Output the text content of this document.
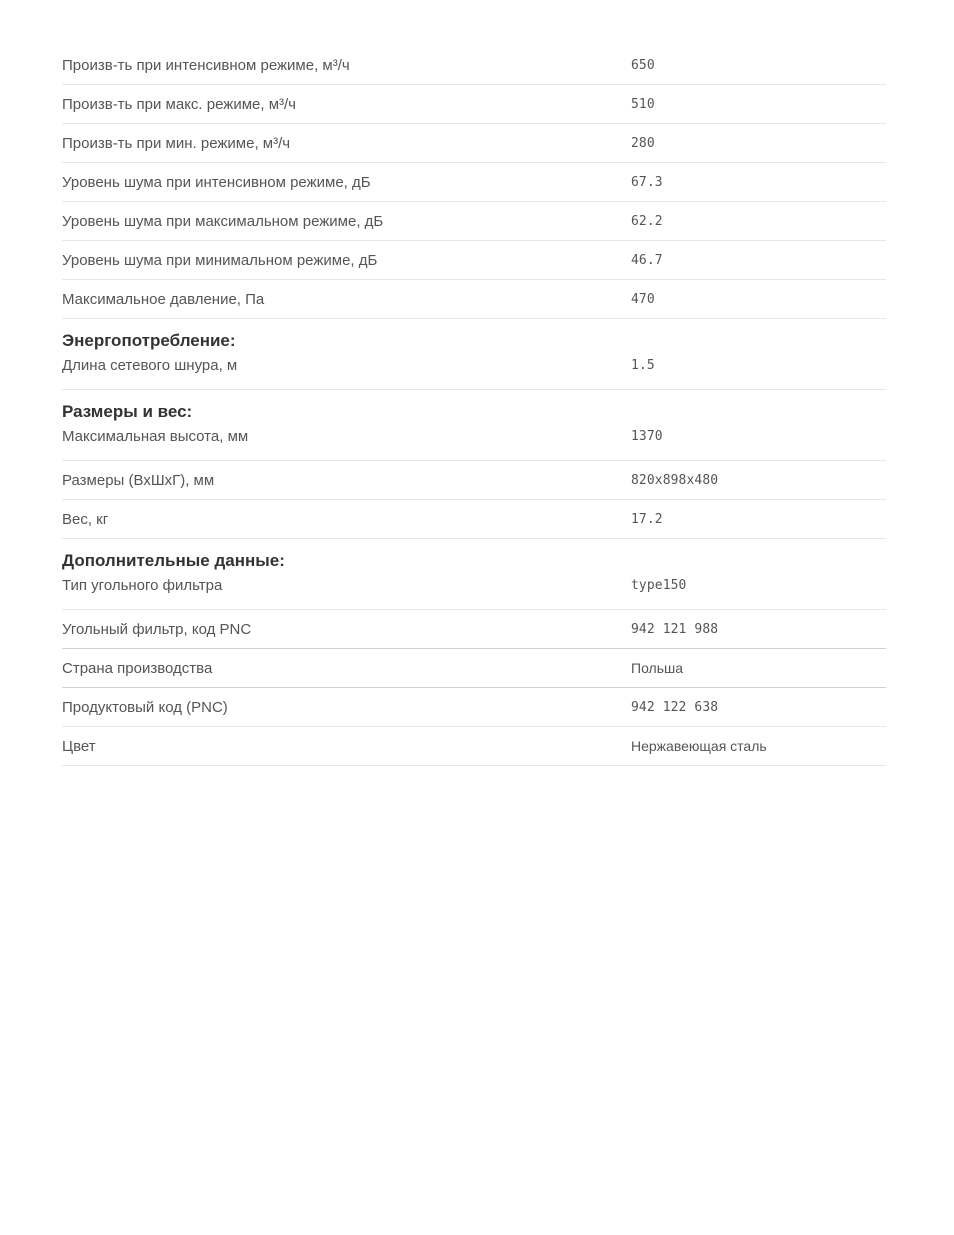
Произв-ть при интенсивном режиме, м³/ч	650
Произв-ть при макс. режиме, м³/ч	510
Произв-ть при мин. режиме, м³/ч	280
Уровень шума при интенсивном режиме, дБ	67.3
Уровень шума при максимальном режиме, дБ	62.2
Уровень шума при минимальном режиме, дБ	46.7
Максимальное давление, Па	470
Энергопотребление:
Длина сетевого шнура, м	1.5
Размеры и вес:
Максимальная высота, мм	1370
Размеры (ВхШхГ), мм	820x898x480
Вес, кг	17.2
Дополнительные данные:
Тип угольного фильтра	type150
Угольный фильтр, код PNC	942 121 988
Страна производства	Польша
Продуктовый код (PNC)	942 122 638
Цвет	Нержавеющая сталь
